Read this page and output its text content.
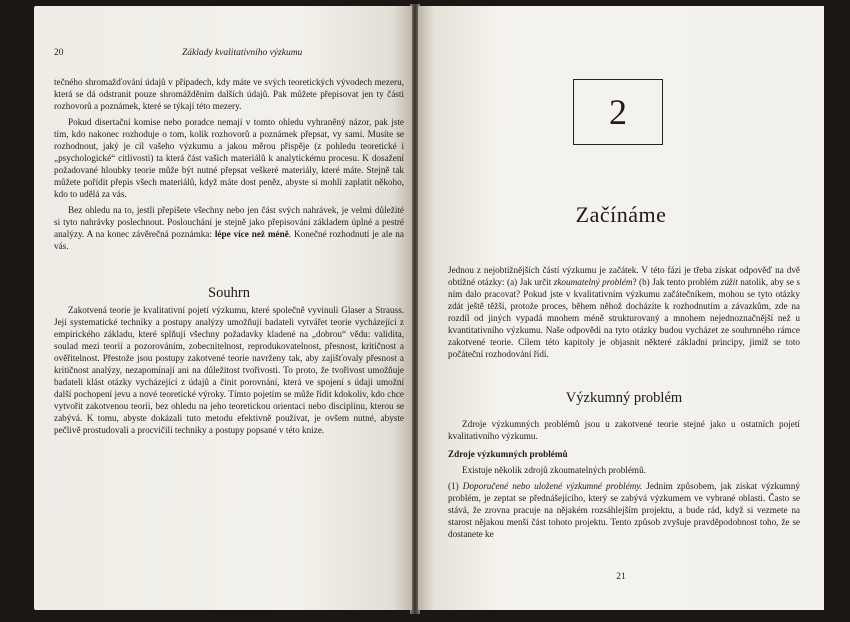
20	Základy kvalitativního výzkumu

tečného shromažďování údajů v případech, kdy máte ve svých teoretických vývodech mezeru, která se dá odstranit pouze shromážděním dalších údajů. Pak můžete přepisovat jen ty části rozhovorů a poznámek, které se týkají této mezery.

Pokud disertační komise nebo poradce nemají v tomto ohledu vyhraněný názor, pak jste tím, kdo nakonec rozhoduje o tom, kolik rozhovorů a poznámek přepsat, vy sami. Musíte se rozhodnout, jaký je cíl vašeho výzkumu a jakou měrou přispěje (z pohledu teoretické i „psychologické“ citlivosti) ta která část vašich materiálů k analytickému procesu. K dosažení požadované hloubky teorie může být nutné přepsat veškeré materiály, které máte. Stejně tak můžete pořídit přepis všech materiálů, když máte dost peněz, abyste si mohli zaplatit někoho, kdo to udělá za vás.

Bez ohledu na to, jestli přepíšete všechny nebo jen část svých nahrávek, je velmi důležité si tyto nahrávky poslechnout. Poslouchání je stejně jako přepisování základem úplné a pestré analýzy. A na konec závěrečná poznámka: lépe více než méně. Konečné rozhodnutí je ale na vás.

Souhrn

Zakotvená teorie je kvalitativní pojetí výzkumu, které společně vyvinuli Glaser a Strauss. Její systematické techniky a postupy analýzy umožňují badateli vytvářet teorie vycházející z empirického základu, které splňují všechny požadavky kladené na „dobrou“ vědu: validita, soulad mezi teorií a pozorováním, zobecnitelnost, reprodukovatelnost, přesnost, kritičnost a ověřitelnost. Přestože jsou postupy zakotvené teorie navrženy tak, aby zajišťovaly přesnost a kritičnost analýzy, nezapomínají ani na důležitost tvořivosti. To proto, že tvořivost umožňuje badateli klást otázky vycházející z údajů a činit porovnání, která ve spojení s údaji umožní další pochopení jevu a nové teoretické výroky. Tímto pojetím se může řídit kdokoliv, kdo chce vytvořit zakotvenou teorii, bez ohledu na jeho teoretickou orientaci nebo disciplínu, kterou se zabývá. K tomu, abyste dokázali tuto metodu efektivně používat, je ovšem nutné, abyste pečlivě prostudovali a procvičili techniky a postupy popsané v této knize.

2
Začínáme

Jednou z nejobtížnějších částí výzkumu je začátek. V této fázi je třeba získat odpověď na dvě obtížné otázky: (a) Jak určit zkoumatelný problém? (b) Jak tento problém zúžit natolik, aby se s ním dalo pracovat? Pokud jste v kvalitativním výzkumu začátečníkem, mohou se tyto otázky zdát ještě těžší, protože proces, během něhož docházíte k rozhodnutím a závazkům, zde na rozdíl od jiných vypadá mnohem méně strukturovaný a mnohem nejednoznačnější než u kvantitativního výzkumu. Naše odpovědi na tyto otázky budou vycházet ze souhrnného rámce zakotvené teorie. Cílem této kapitoly je objasnit některé základní principy, jimiž se toto počáteční rozhodování řídí.

Výzkumný problém

Zdroje výzkumných problémů jsou u zakotvené teorie stejné jako u ostatních pojetí kvalitativního výzkumu.

Zdroje výzkumných problémů

Existuje několik zdrojů zkoumatelných problémů.

(1) Doporučené nebo uložené výzkumné problémy. Jedním způsobem, jak získat výzkumný problém, je zeptat se přednášejícího, který se zabývá výzkumem ve vybrané oblasti. Často se stává, že zrovna pracuje na nějakém rozsáhlejším projektu, a bude rád, když si vezmete na starost nějakou menší část tohoto projektu. Tento způsob zvyšuje pravděpodobnost toho, že se dostanete ke

21
